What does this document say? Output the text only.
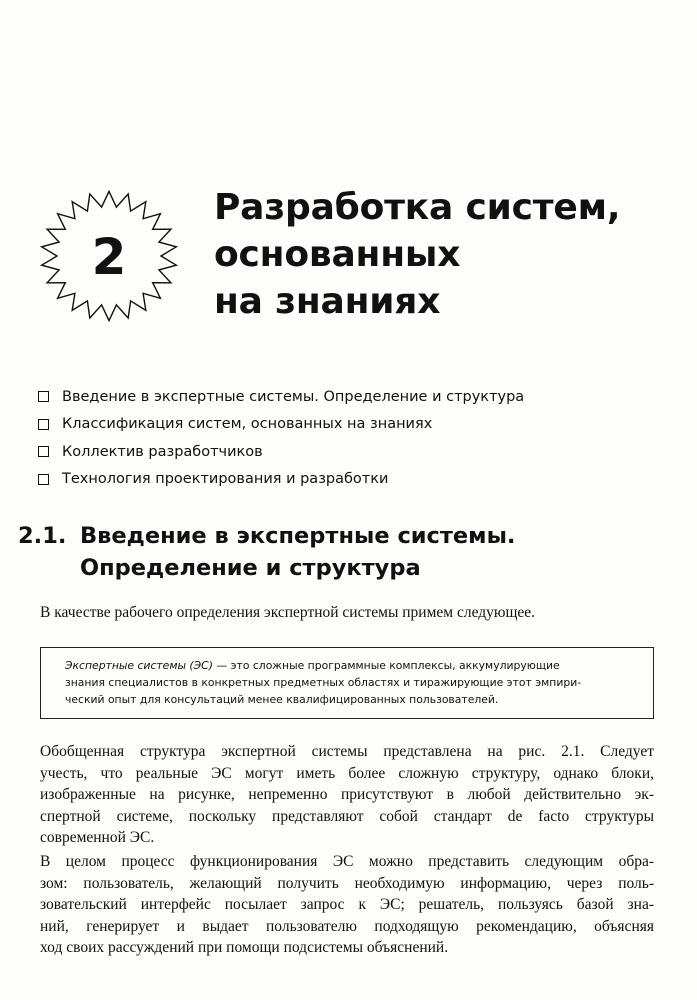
2
Разработка систем,
основанных
на знаниях
Введение в экспертные системы. Определение и структура
Классификация систем, основанных на знаниях
Коллектив разработчиков
Технология проектирования и разработки
2.1. Введение в экспертные системы.
Определение и структура
В качестве рабочего определения экспертной системы примем следующее.
Экспертные системы (ЭС) — это сложные программные комплексы, аккумулирующие
знания специалистов в конкретных предметных областях и тиражирующие этот эмпири-
ческий опыт для консультаций менее квалифицированных пользователей.
Обобщенная структура экспертной системы представлена на рис. 2.1. Следует
учесть, что реальные ЭС могут иметь более сложную структуру, однако блоки,
изображенные на рисунке, непременно присутствуют в любой действительно эк-
спертной системе, поскольку представляют собой стандарт de facto структуры
современной ЭС.
В целом процесс функционирования ЭС можно представить следующим обра-
зом: пользователь, желающий получить необходимую информацию, через поль-
зовательский интерфейс посылает запрос к ЭС; решатель, пользуясь базой зна-
ний, генерирует и выдает пользователю подходящую рекомендацию, объясняя
ход своих рассуждений при помощи подсистемы объяснений.
